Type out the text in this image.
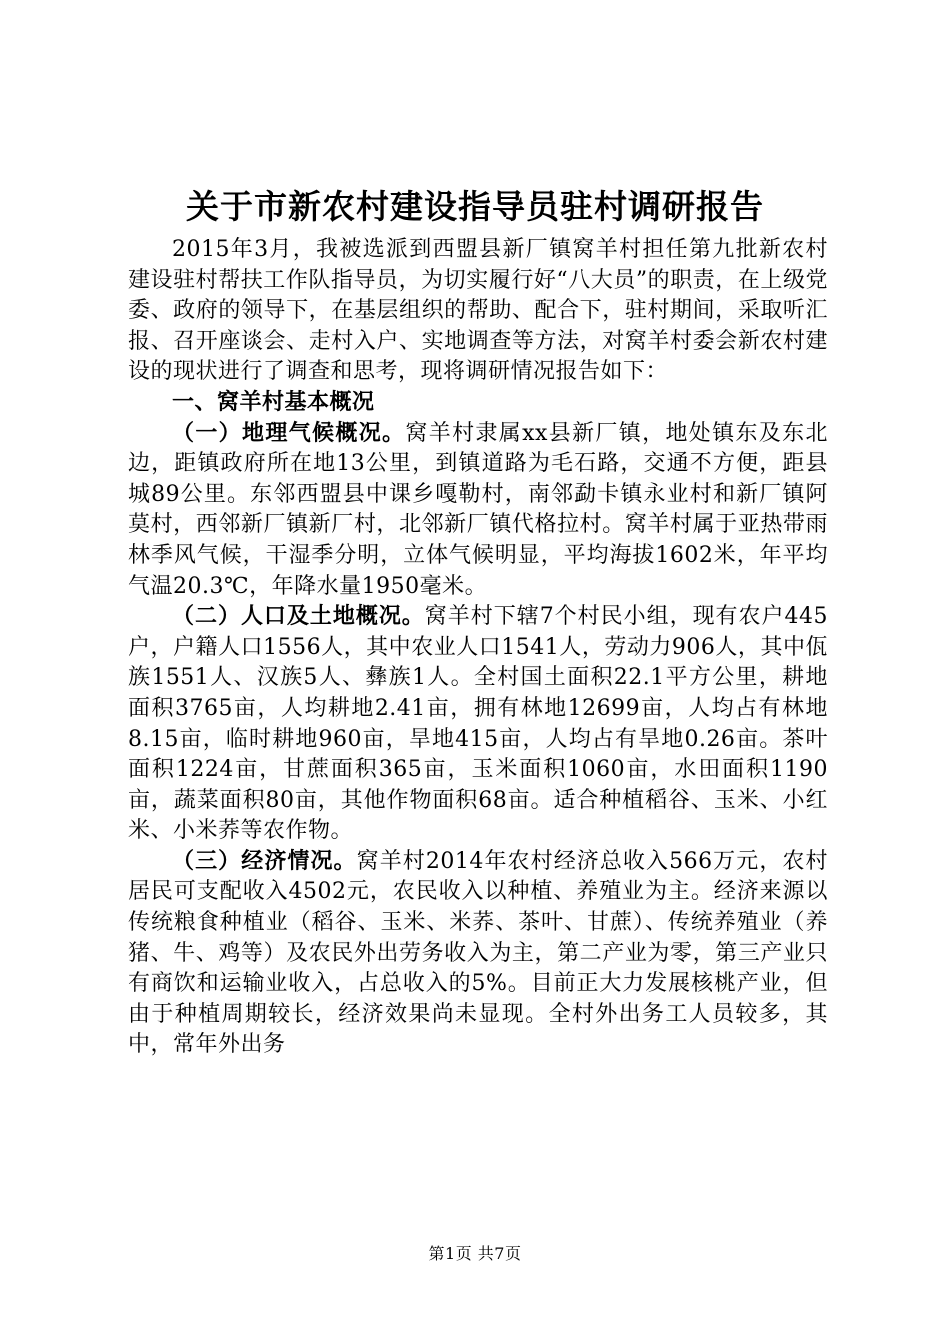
关于市新农村建设指导员驻村调研报告

2015年3月，我被选派到西盟县新厂镇窝羊村担任第九批新农村建设驻村帮扶工作队指导员，为切实履行好“八大员”的职责，在上级党委、政府的领导下，在基层组织的帮助、配合下，驻村期间，采取听汇报、召开座谈会、走村入户、实地调查等方法，对窝羊村委会新农村建设的现状进行了调查和思考，现将调研情况报告如下：

一、窝羊村基本概况

（一）地理气候概况。窝羊村隶属xx县新厂镇，地处镇东及东北边，距镇政府所在地13公里，到镇道路为毛石路，交通不方便，距县城89公里。东邻西盟县中课乡嘎勒村，南邻勐卡镇永业村和新厂镇阿莫村，西邻新厂镇新厂村，北邻新厂镇代格拉村。窝羊村属于亚热带雨林季风气候，干湿季分明，立体气候明显，平均海拔1602米，年平均气温20.3℃，年降水量1950毫米。

（二）人口及土地概况。窝羊村下辖7个村民小组，现有农户445户，户籍人口1556人，其中农业人口1541人，劳动力906人，其中佤族1551人、汉族5人、彝族1人。全村国土面积22.1平方公里，耕地面积3765亩，人均耕地2.41亩，拥有林地12699亩，人均占有林地8.15亩，临时耕地960亩，旱地415亩，人均占有旱地0.26亩。茶叶面积1224亩，甘蔗面积365亩，玉米面积1060亩，水田面积1190亩，蔬菜面积80亩，其他作物面积68亩。适合种植稻谷、玉米、小红米、小米荞等农作物。

（三）经济情况。窝羊村2014年农村经济总收入566万元，农村居民可支配收入4502元，农民收入以种植、养殖业为主。经济来源以传统粮食种植业（稻谷、玉米、米荞、茶叶、甘蔗）、传统养殖业（养猪、牛、鸡等）及农民外出劳务收入为主，第二产业为零，第三产业只有商饮和运输业收入，占总收入的5%。目前正大力发展核桃产业，但由于种植周期较长，经济效果尚未显现。全村外出务工人员较多，其中，常年外出务

第1页 共7页
